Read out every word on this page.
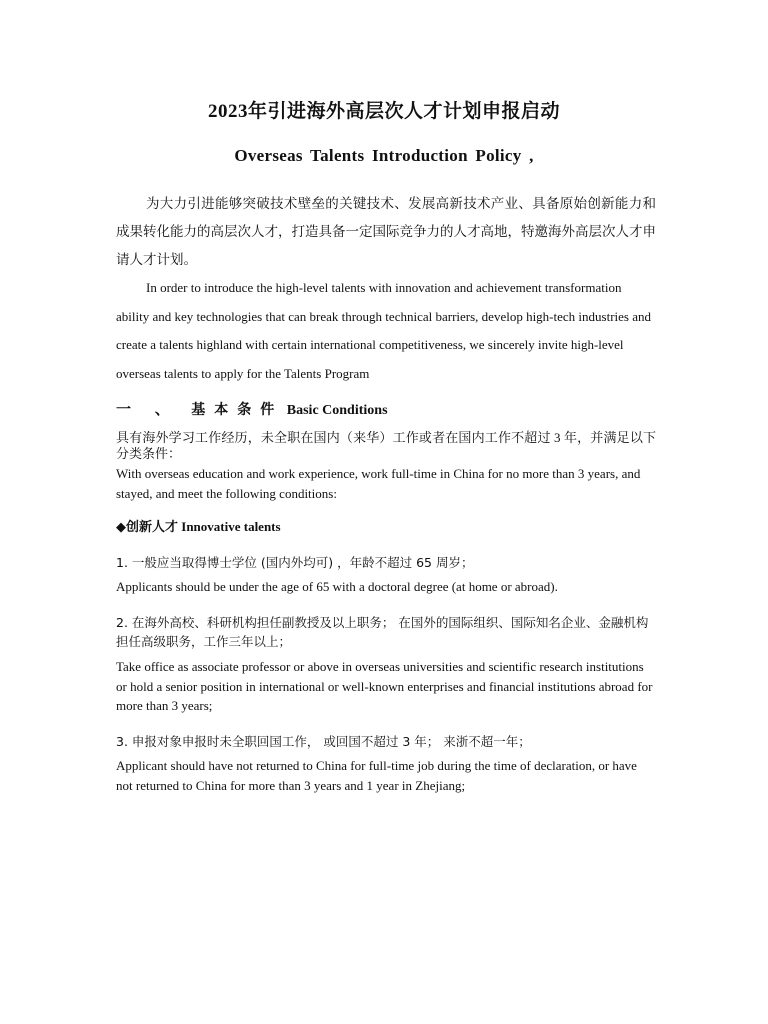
2023年引进海外高层次人才计划申报启动
Overseas Talents Introduction Policy ,

为大力引进能够突破技术壁垒的关键技术、发展高新技术产业、具备原始创新能力和成果转化能力的高层次人才，打造具备一定国际竞争力的人才高地，特邀海外高层次人才申请人才计划。

In order to introduce the high-level talents with innovation and achievement transformation ability and key technologies that can break through technical barriers, develop high-tech industries and create a talents highland with certain international competitiveness, we sincerely invite high-level overseas talents to apply for the Talents Program

一 、 基本条件 Basic Conditions

具有海外学习工作经历，未全职在国内（来华）工作或者在国内工作不超过 3 年，并满足以下分类条件：

With overseas education and work experience, work full-time in China for no more than 3 years, and stayed, and meet the following conditions:

◆创新人才 Innovative talents

1. 一般应当取得博士学位 (国内外均可) ，年龄不超过 65 周岁；

Applicants should be under the age of 65 with a doctoral degree (at home or abroad).

2. 在海外高校、科研机构担任副教授及以上职务； 在国外的国际组织、国际知名企业、金融机构担任高级职务，工作三年以上；

Take office as associate professor or above in overseas universities and scientific research institutions or hold a senior position in international or well-known enterprises and financial institutions abroad for more than 3 years;

3. 申报对象申报时未全职回国工作， 或回国不超过 3 年； 来浙不超一年；

Applicant should have not returned to China for full-time job during the time of declaration, or have not returned to China for more than 3 years and 1 year in Zhejiang;
